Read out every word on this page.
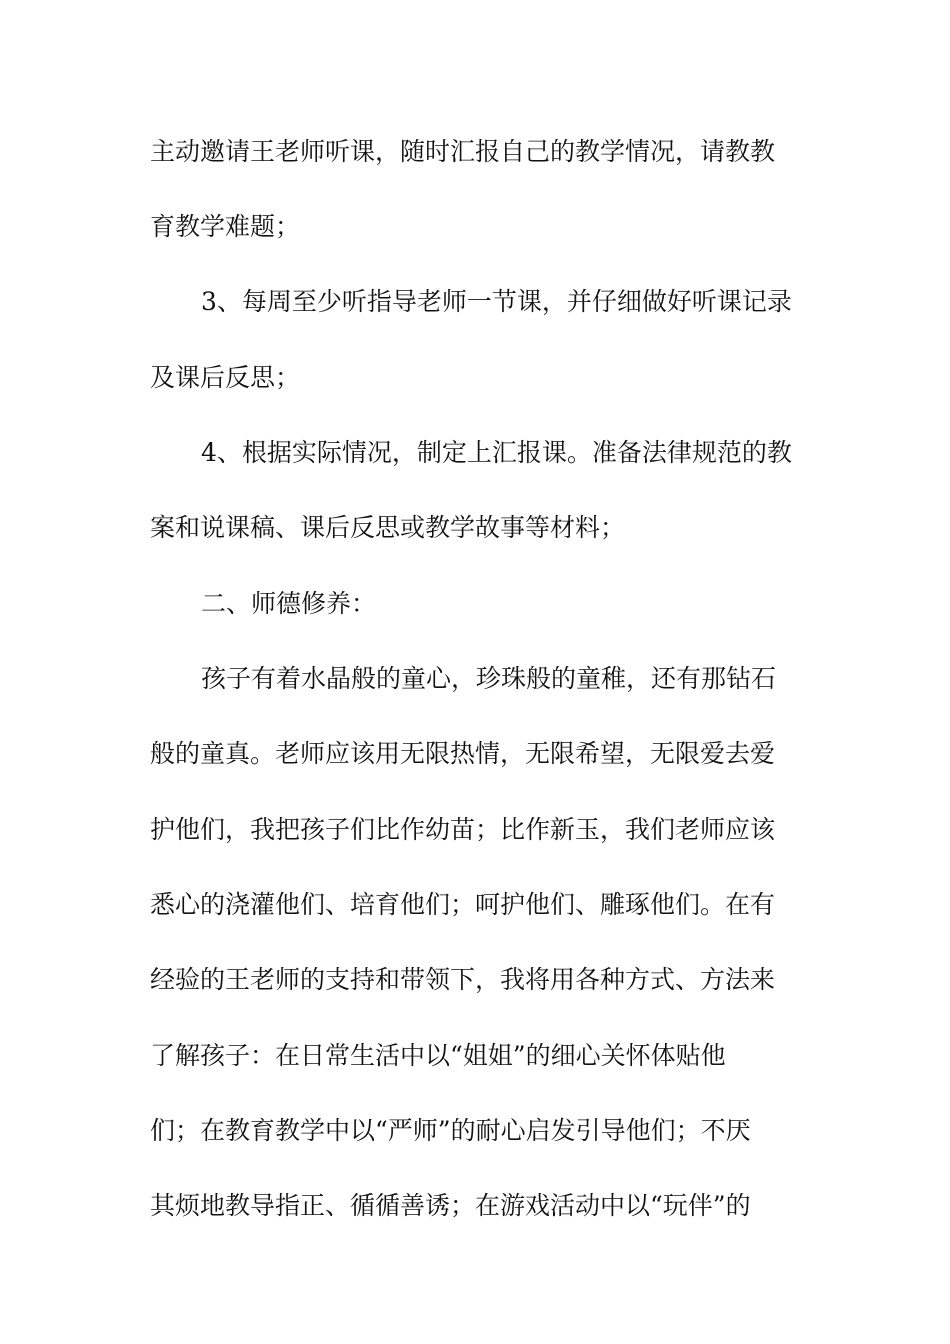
主动邀请王老师听课，随时汇报自己的教学情况，请教教
育教学难题；
3、每周至少听指导老师一节课，并仔细做好听课记录
及课后反思；
4、根据实际情况，制定上汇报课。准备法律规范的教
案和说课稿、课后反思或教学故事等材料；
二、师德修养：
孩子有着水晶般的童心，珍珠般的童稚，还有那钻石
般的童真。老师应该用无限热情，无限希望，无限爱去爱
护他们，我把孩子们比作幼苗；比作新玉，我们老师应该
悉心的浇灌他们、培育他们；呵护他们、雕琢他们。在有
经验的王老师的支持和带领下，我将用各种方式、方法来
了解孩子：在日常生活中以“姐姐”的细心关怀体贴他
们；在教育教学中以“严师”的耐心启发引导他们；不厌
其烦地教导指正、循循善诱；在游戏活动中以“玩伴”的
